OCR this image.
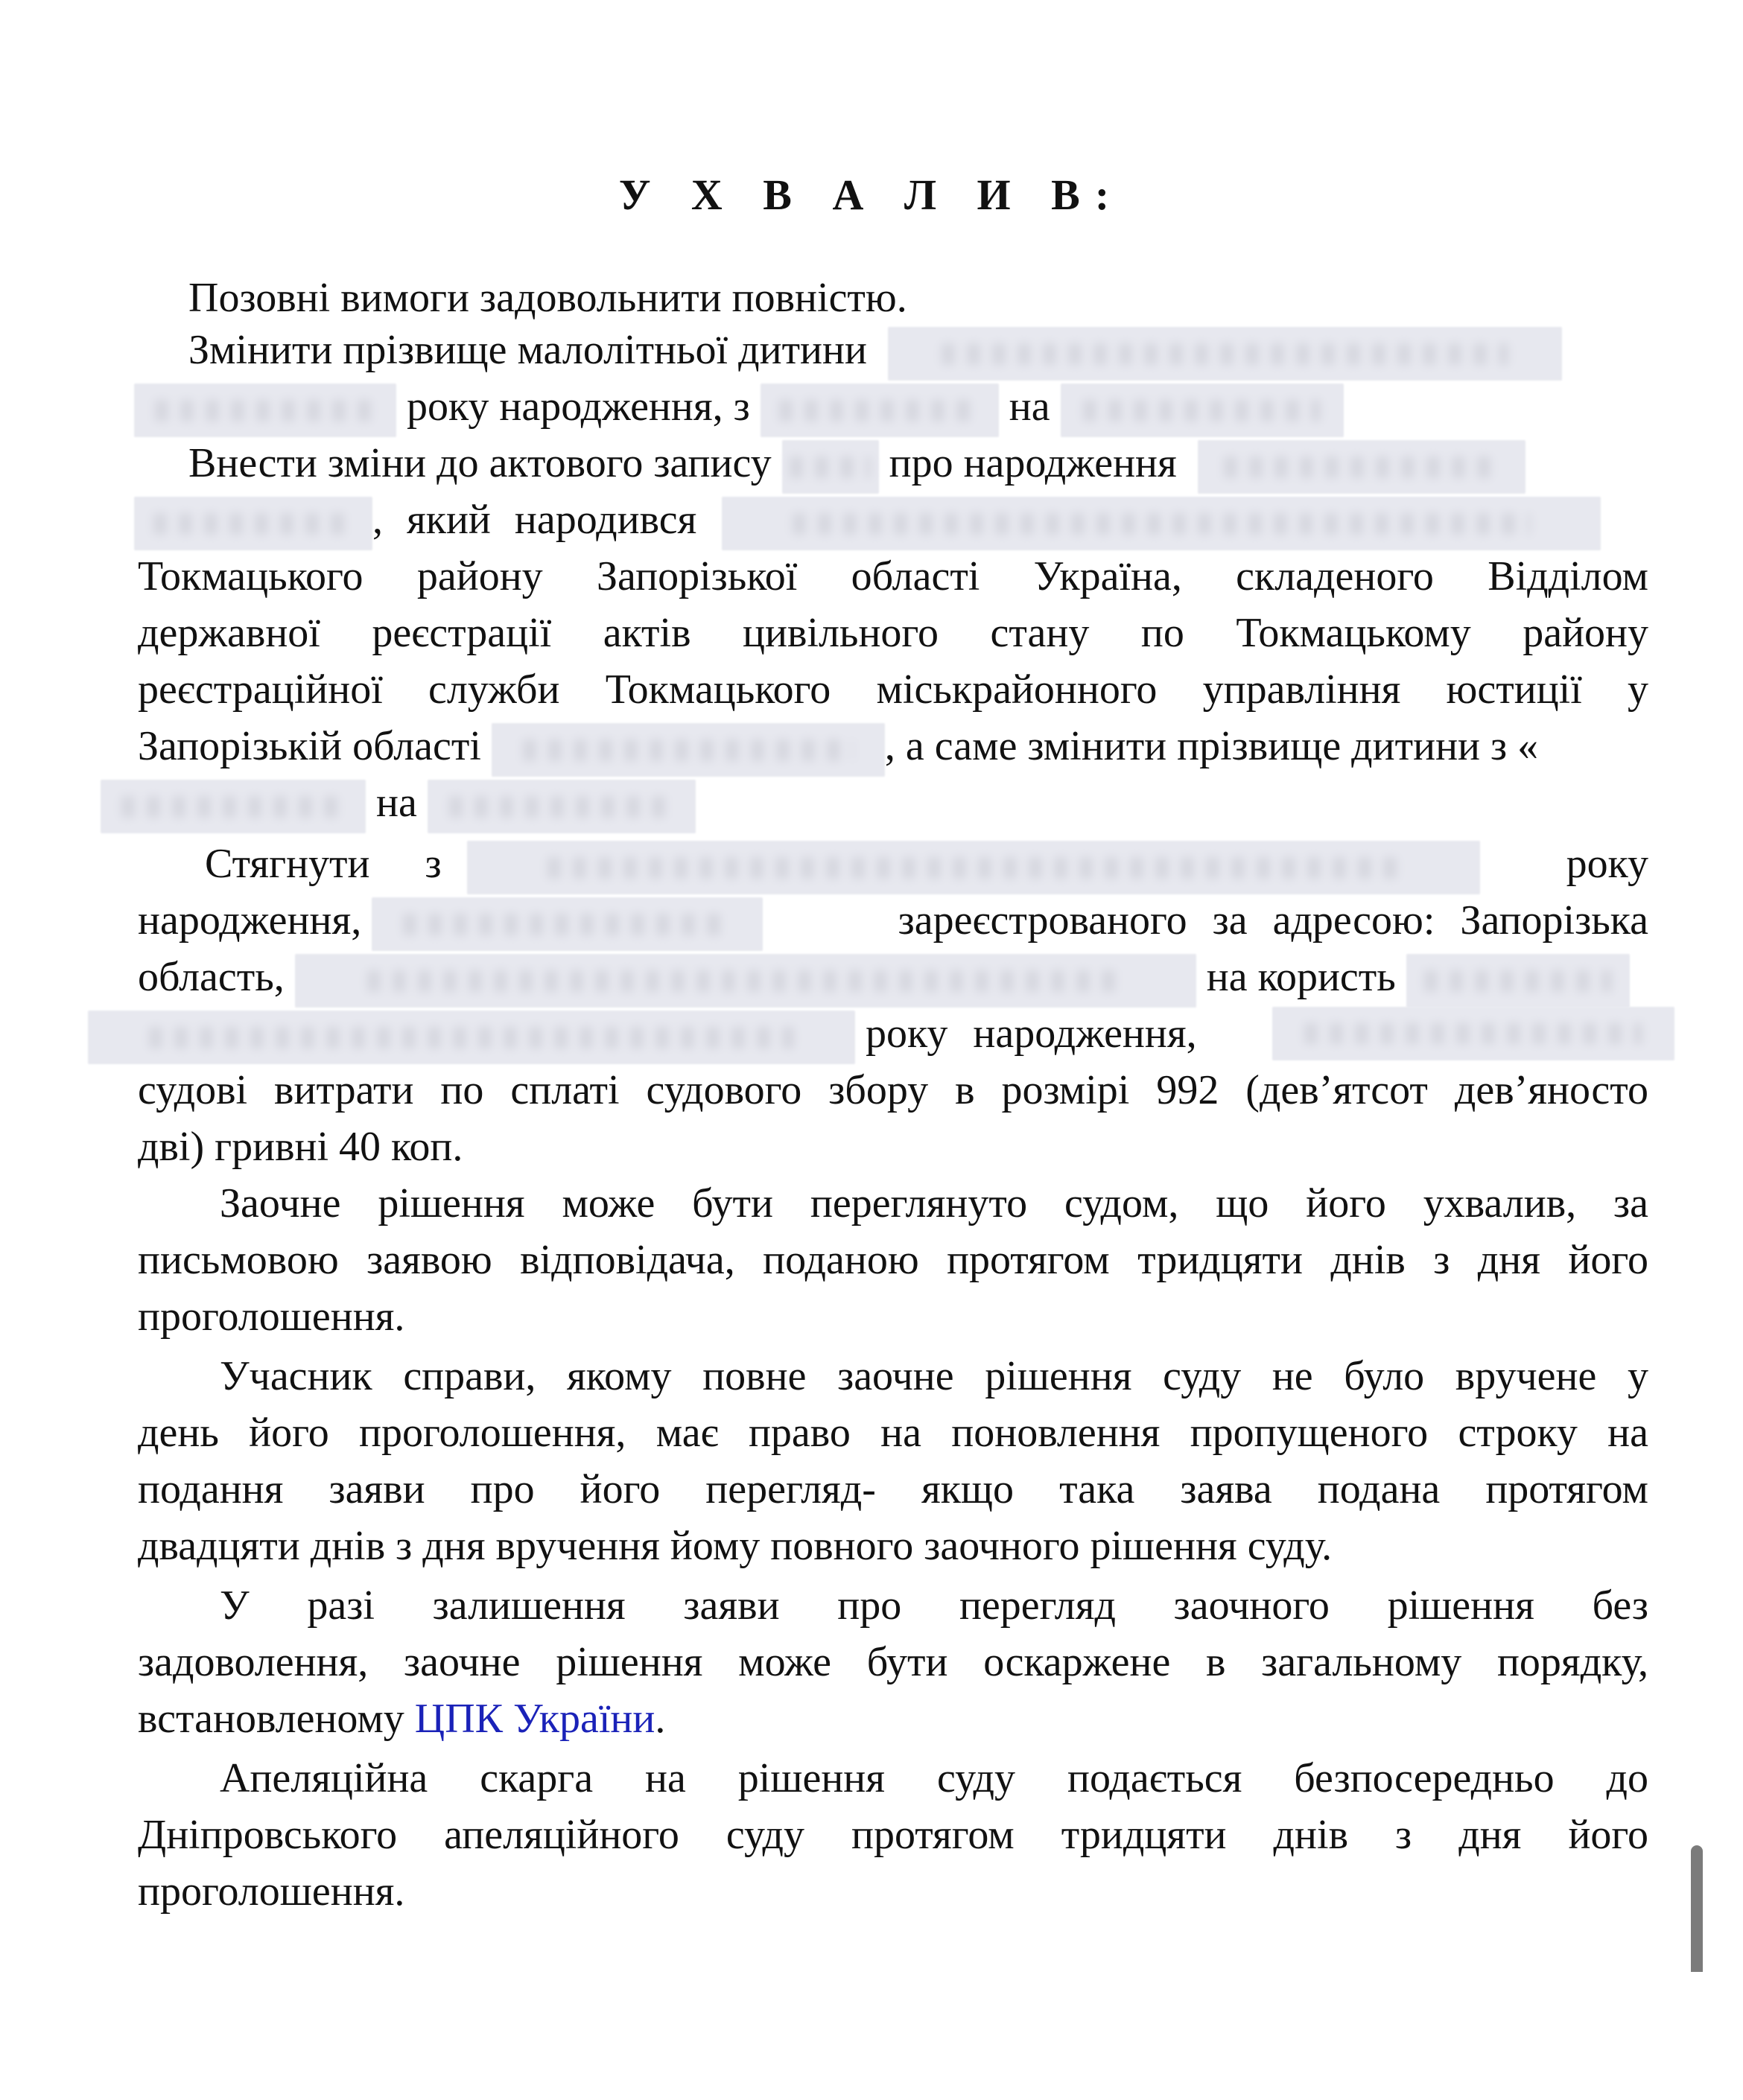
У Х В А Л И В:
Позовні вимоги задовольнити повністю.
Змінити прізвище малолітньої дитини
року народження, з	на
Внести зміни до актового запису	про народження
, який народився
Токмацького району Запорізької області Україна, складеного Відділом
державної реєстрації актів цивільного стану по Токмацькому району
реєстраційної служби Токмацького міськрайонного управління юстиції у
Запорізькій області	, а саме змінити прізвище дитини з «
на
Стягнути з	року
народження,	зареєстрованого за адресою: Запорізька
область,	на користь
року народження,
судові витрати по сплаті судового збору в розмірі 992 (дев’ятсот дев’яносто
дві) гривні 40 коп.
Заочне рішення може бути переглянуто судом, що його ухвалив, за
письмовою заявою відповідача, поданою протягом тридцяти днів з дня його
проголошення.
Учасник справи, якому повне заочне рішення суду не було вручене у
день його проголошення, має право на поновлення пропущеного строку на
подання заяви про його перегляд- якщо така заява подана протягом
двадцяти днів з дня вручення йому повного заочного рішення суду.
У разі залишення заяви про перегляд заочного рішення без
задоволення, заочне рішення може бути оскаржене в загальному порядку,
встановленому ЦПК України.
Апеляційна скарга на рішення суду подається безпосередньо до
Дніпровського апеляційного суду протягом тридцяти днів з дня його
проголошення.
